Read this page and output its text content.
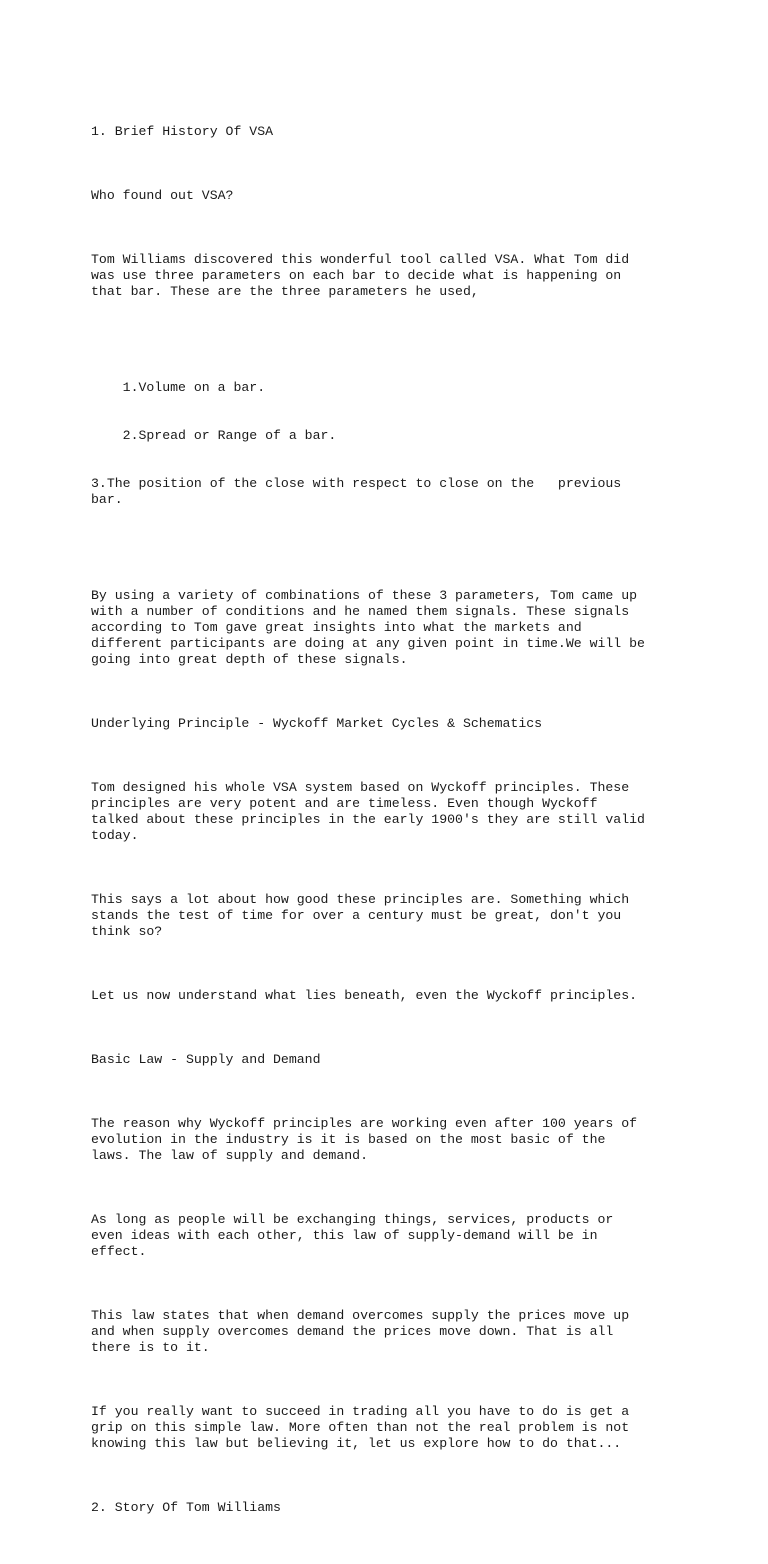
1. Brief History Of VSA

Who found out VSA?

Tom Williams discovered this wonderful tool called VSA. What Tom did
was use three parameters on each bar to decide what is happening on
that bar. These are the three parameters he used,

1.Volume on a bar.

2.Spread or Range of a bar.

3.The position of the close with respect to close on the   previous
bar.

By using a variety of combinations of these 3 parameters, Tom came up
with a number of conditions and he named them signals. These signals
according to Tom gave great insights into what the markets and
different participants are doing at any given point in time.We will be
going into great depth of these signals.

Underlying Principle - Wyckoff Market Cycles & Schematics

Tom designed his whole VSA system based on Wyckoff principles. These
principles are very potent and are timeless. Even though Wyckoff
talked about these principles in the early 1900's they are still valid
today.

This says a lot about how good these principles are. Something which
stands the test of time for over a century must be great, don't you
think so?

Let us now understand what lies beneath, even the Wyckoff principles.

Basic Law - Supply and Demand

The reason why Wyckoff principles are working even after 100 years of
evolution in the industry is it is based on the most basic of the
laws. The law of supply and demand.

As long as people will be exchanging things, services, products or
even ideas with each other, this law of supply-demand will be in
effect.

This law states that when demand overcomes supply the prices move up
and when supply overcomes demand the prices move down. That is all
there is to it.

If you really want to succeed in trading all you have to do is get a
grip on this simple law. More often than not the real problem is not
knowing this law but believing it, let us explore how to do that...

2. Story Of Tom Williams
